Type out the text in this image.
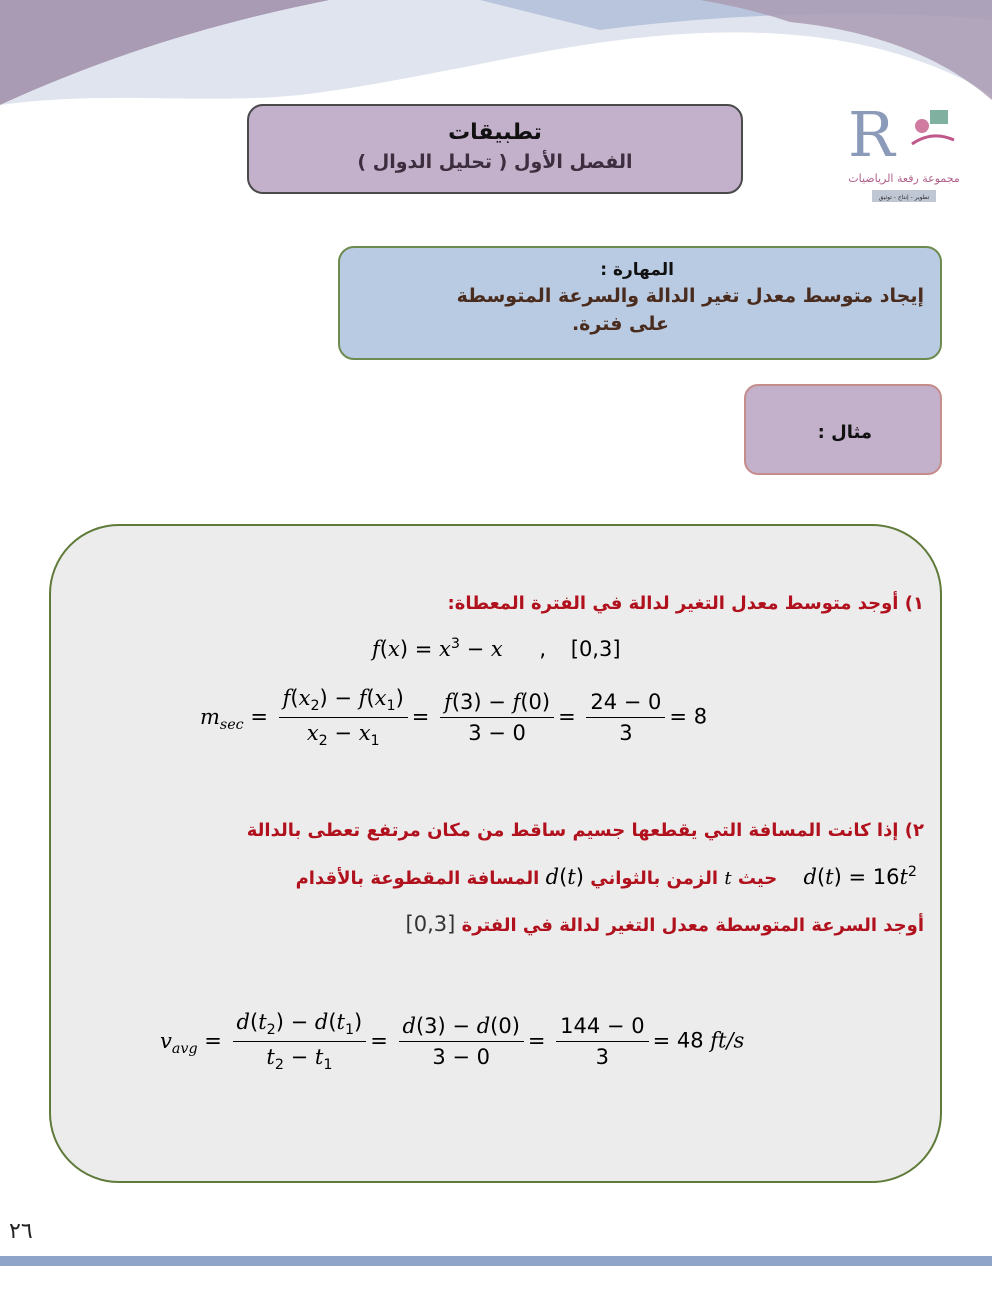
R
مجموعة رفعة الرياضيات
تطوير - إنتاج - توثيق
تطبيقات
الفصل الأول ( تحليل الدوال )
المهارة :
إيجاد متوسط معدل تغير الدالة والسرعة المتوسطة
على فترة.
مثال :
١) أوجد متوسط معدل التغير لدالة في الفترة المعطاة:
$f(x) = x^3 - x$ , [0,3]
$m_{sec} = \frac{f(x_2) - f(x_1)}{x_2 - x_1} = \frac{f(3) - f(0)}{3 - 0} = \frac{24 - 0}{3} = 8$
٢) إذا كانت المسافة التي يقطعها جسيم ساقط من مكان مرتفع تعطى بالدالة
$d(t) = 16t^2$ حيث t الزمن بالثواني d(t) المسافة المقطوعة بالأقدام
أوجد السرعة المتوسطة معدل التغير لدالة في الفترة [0,3]
$v_{avg} = \frac{d(t_2) - d(t_1)}{t_2 - t_1} = \frac{d(3) - d(0)}{3 - 0} = \frac{144 - 0}{3} = 48$ ft/s
٢٦
